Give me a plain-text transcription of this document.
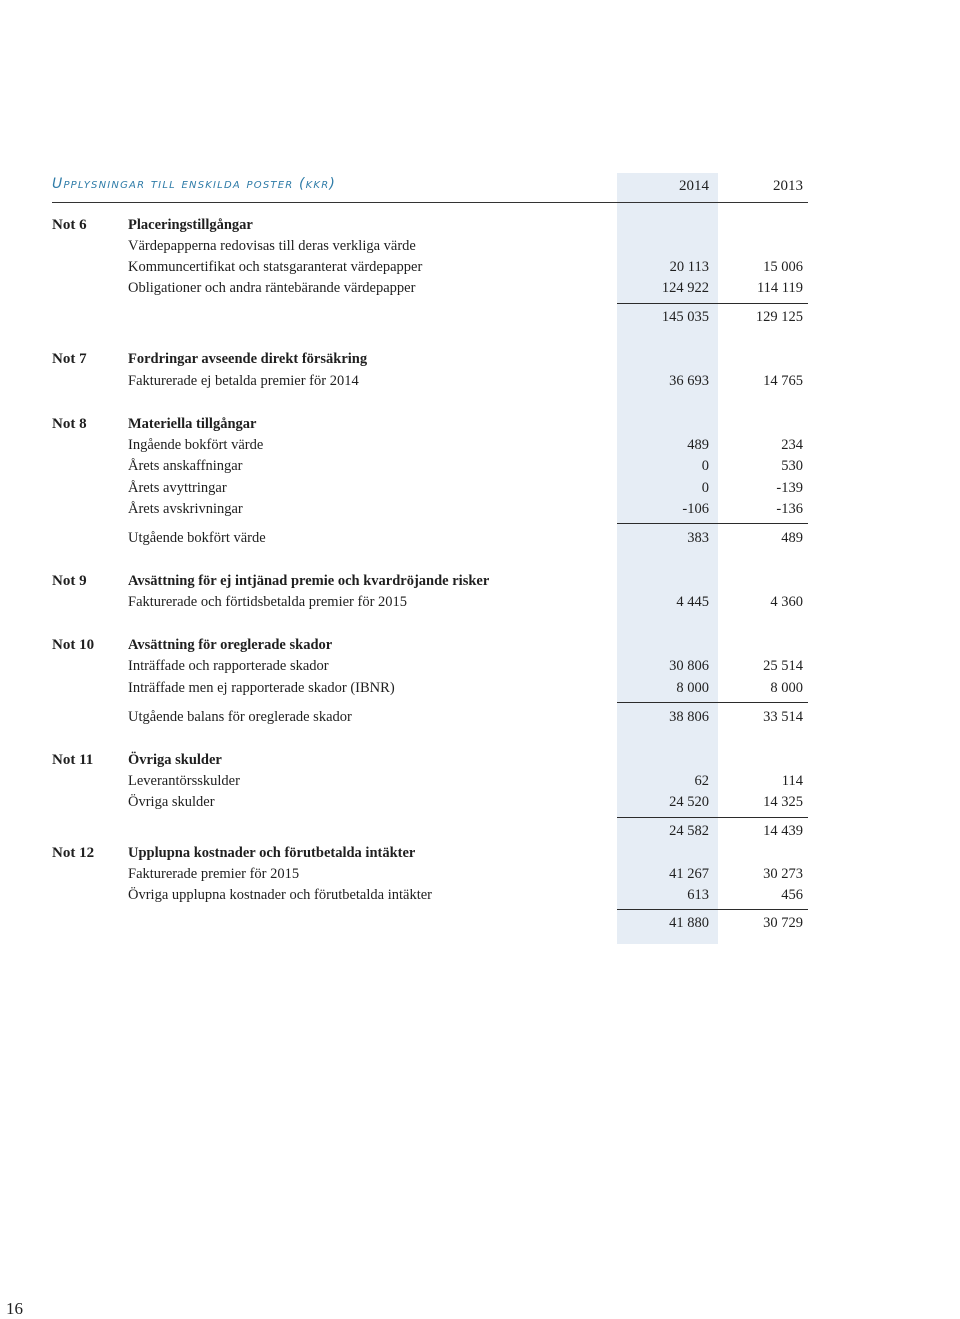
Upplysningar till enskilda poster (kkr)	2014	2013
Not 6	Placeringstillgångar
Värdepapperna redovisas till deras verkliga värde
Kommuncertifikat och statsgaranterat värdepapper	20 113	15 006
Obligationer och andra räntebärande värdepapper	124 922	114 119
145 035	129 125
Not 7	Fordringar avseende direkt försäkring
Fakturerade ej betalda premier för 2014	36 693	14 765
Not 8	Materiella tillgångar
Ingående bokfört värde	489	234
Årets anskaffningar	0	530
Årets avyttringar	0	-139
Årets avskrivningar	-106	-136
Utgående bokfört värde	383	489
Not 9	Avsättning för ej intjänad premie och kvardröjande risker
Fakturerade och förtidsbetalda premier för 2015	4 445	4 360
Not 10 Avsättning för oreglerade skador
Inträffade och rapporterade skador	30 806	25 514
Inträffade men ej rapporterade skador (IBNR)	8 000	8 000
Utgående balans för oreglerade skador	38 806	33 514
Not 11 Övriga skulder
Leverantörsskulder	62	114
Övriga skulder	24 520	14 325
24 582	14 439
Not 12 Upplupna kostnader och förutbetalda intäkter
Fakturerade premier för 2015	41 267	30 273
Övriga upplupna kostnader och förutbetalda intäkter	613	456
41 880	30 729
16
